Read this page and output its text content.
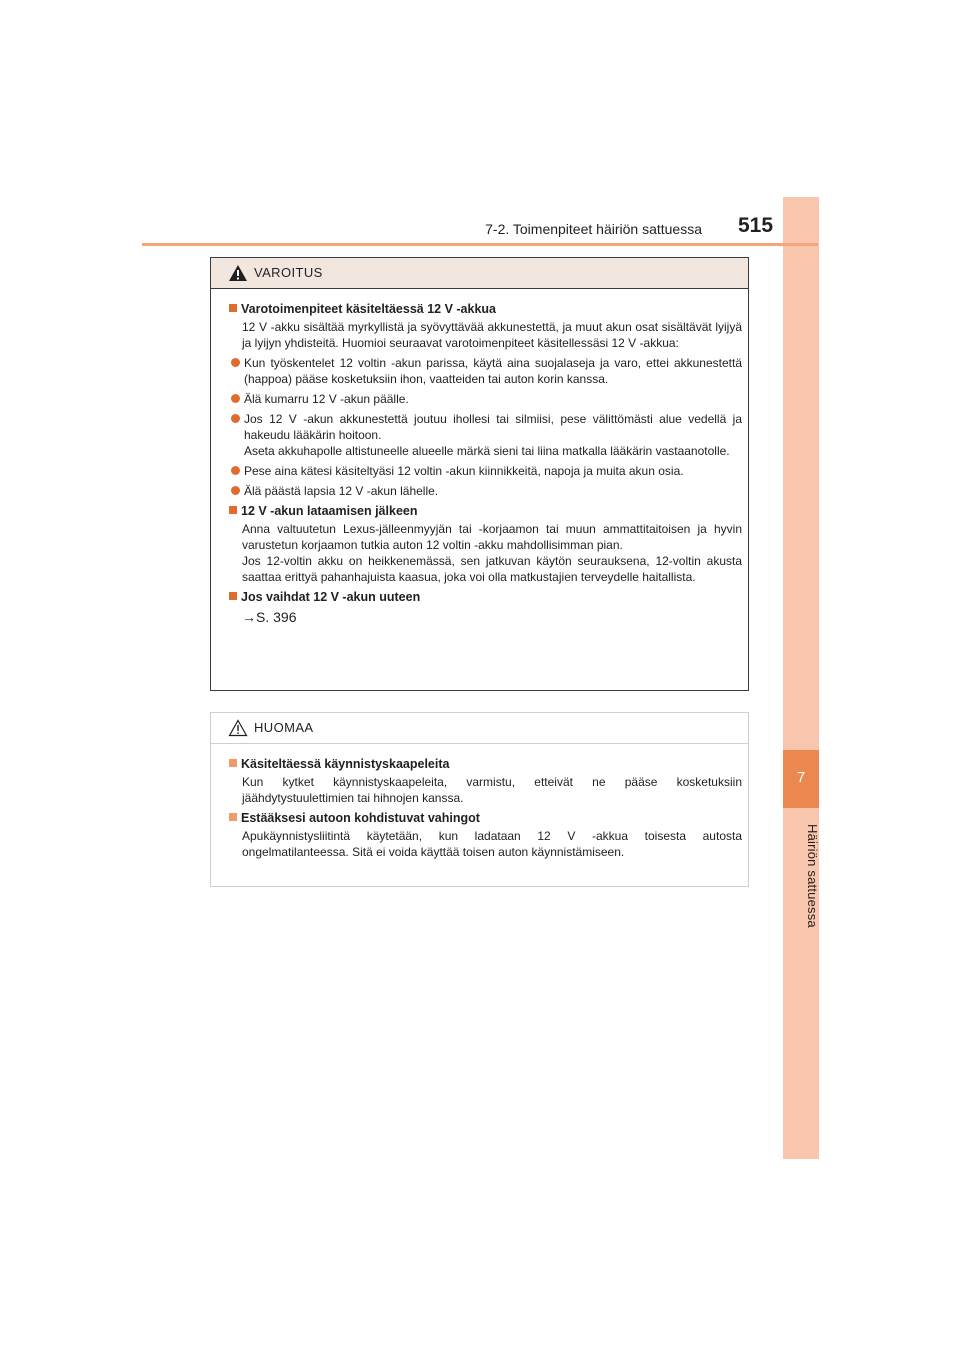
7
Häiriön sattuessa
7-2. Toimenpiteet häiriön sattuessa 515
VAROITUS
Varotoimenpiteet käsiteltäessä 12 V -akkua
12 V -akku sisältää myrkyllistä ja syövyttävää akkunestettä, ja muut akun osat sisältävät lyijyä ja lyijyn yhdisteitä. Huomioi seuraavat varotoimenpiteet käsitellessäsi 12 V -akkua:
Kun työskentelet 12 voltin -akun parissa, käytä aina suojalaseja ja varo, ettei akkunestettä (happoa) pääse kosketuksiin ihon, vaatteiden tai auton korin kanssa.
Älä kumarru 12 V -akun päälle.
Jos 12 V -akun akkunestettä joutuu ihollesi tai silmiisi, pese välittömästi alue vedellä ja hakeudu lääkärin hoitoon.
Aseta akkuhapolle altistuneelle alueelle märkä sieni tai liina matkalla lääkärin vastaanotolle.
Pese aina kätesi käsiteltyäsi 12 voltin -akun kiinnikkeitä, napoja ja muita akun osia.
Älä päästä lapsia 12 V -akun lähelle.
12 V -akun lataamisen jälkeen
Anna valtuutetun Lexus-jälleenmyyjän tai -korjaamon tai muun ammattitaitoisen ja hyvin varustetun korjaamon tutkia auton 12 voltin -akku mahdollisimman pian.
Jos 12-voltin akku on heikkenemässä, sen jatkuvan käytön seurauksena, 12-voltin akusta saattaa erittyä pahanhajuista kaasua, joka voi olla matkustajien terveydelle haitallista.
Jos vaihdat 12 V -akun uuteen
→S. 396
HUOMAA
Käsiteltäessä käynnistyskaapeleita
Kun kytket käynnistyskaapeleita, varmistu, etteivät ne pääse kosketuksiin jäähdytystuulettimien tai hihnojen kanssa.
Estääksesi autoon kohdistuvat vahingot
Apukäynnistysliitintä käytetään, kun ladataan 12 V -akkua toisesta autosta ongelmatilanteessa. Sitä ei voida käyttää toisen auton käynnistämiseen.
